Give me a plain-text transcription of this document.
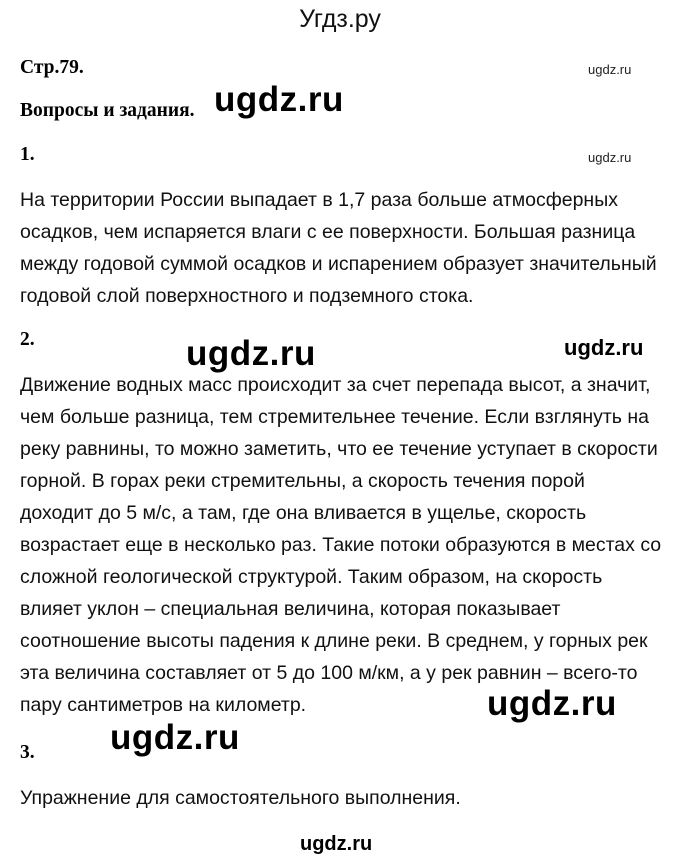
Угдз.ру
Стр.79.
Вопросы и задания.
1.
На территории России выпадает в 1,7 раза больше атмосферных
осадков, чем испаряется влаги с ее поверхности. Большая разница
между годовой суммой осадков и испарением образует значительный
годовой слой поверхностного и подземного стока.
2.
Движение водных масс происходит за счет перепада высот, а значит,
чем больше разница, тем стремительнее течение. Если взглянуть на
реку равнины, то можно заметить, что ее течение уступает в скорости
горной. В горах реки стремительны, а скорость течения порой
доходит до 5 м/с, а там, где она вливается в ущелье, скорость
возрастает еще в несколько раз. Такие потоки образуются в местах со
сложной геологической структурой. Таким образом, на скорость
влияет уклон – специальная величина, которая показывает
соотношение высоты падения к длине реки. В среднем, у горных рек
эта величина составляет от 5 до 100 м/км, а у рек равнин – всего-то
пару сантиметров на километр.
3.
Упражнение для самостоятельного выполнения.
ugdz.ru
ugdz.ru
ugdz.ru
ugdz.ru	ugdz.ru
ugdz.ru
ugdz.ru
ugdz.ru
